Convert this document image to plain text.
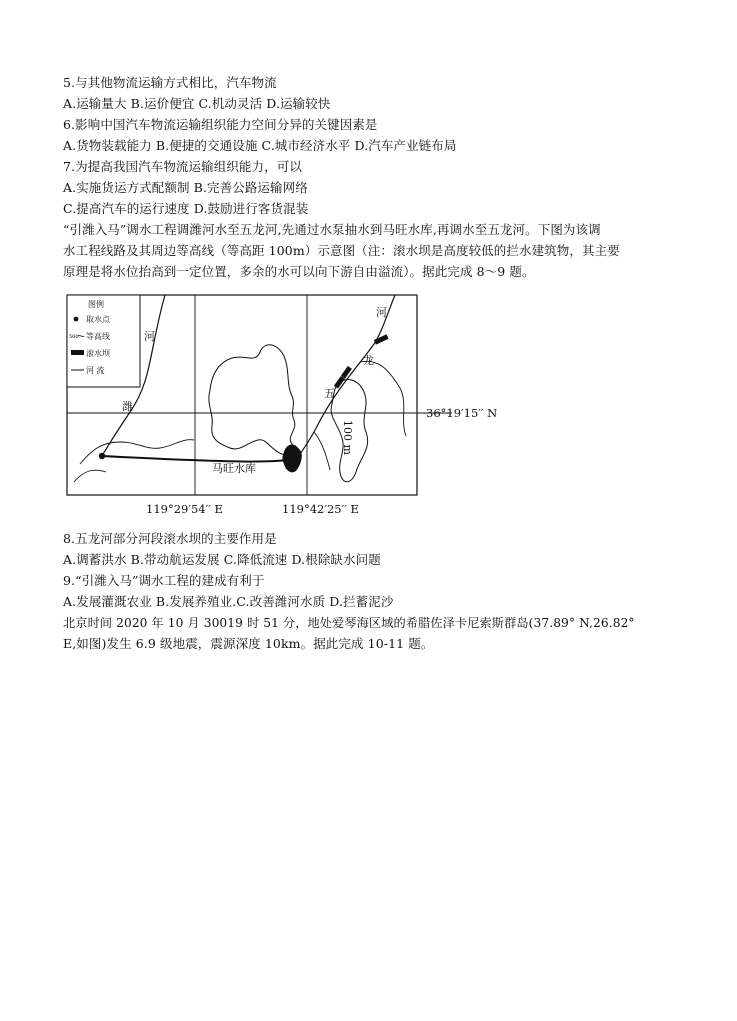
5.与其他物流运输方式相比，汽车物流
A.运输量大 B.运价便宜 C.机动灵活 D.运输较快
6.影响中国汽车物流运输组织能力空间分异的关键因素是
A.货物装载能力 B.便捷的交通设施 C.城市经济水平 D.汽车产业链布局
7.为提高我国汽车物流运输组织能力，可以
A.实施货运方式配额制 B.完善公路运输网络
C.提高汽车的运行速度 D.鼓励进行客货混装
“引潍入马”调水工程调潍河水至五龙河,先通过水泵抽水到马旺水库,再调水至五龙河。下图为该调
水工程线路及其周边等高线（等高距 100m）示意图（注：滚水坝是高度较低的拦水建筑物，其主要
原理是将水位抬高到一定位置，多余的水可以向下游自由溢流）。据此完成 8～9 题。
图例
取水点
500 等高线
滚水坝
河 流
河
潍
河
龙
五
100 m
马旺水库
36°19′15′′ N
119°29′54′′ E	119°42′25′′ E
8.五龙河部分河段滚水坝的主要作用是
A.调蓄洪水 B.带动航运发展 C.降低流速 D.根除缺水问题
9.“引潍入马”调水工程的建成有利于
A.发展灌溉农业 B.发展养殖业.C.改善潍河水质 D.拦蓄泥沙
北京时间 2020 年 10 月 30019 时 51 分，地处爱琴海区域的希腊佐泽卡尼索斯群岛(37.89° N,26.82°
E,如图)发生 6.9 级地震，震源深度 10km。据此完成 10-11 题。
